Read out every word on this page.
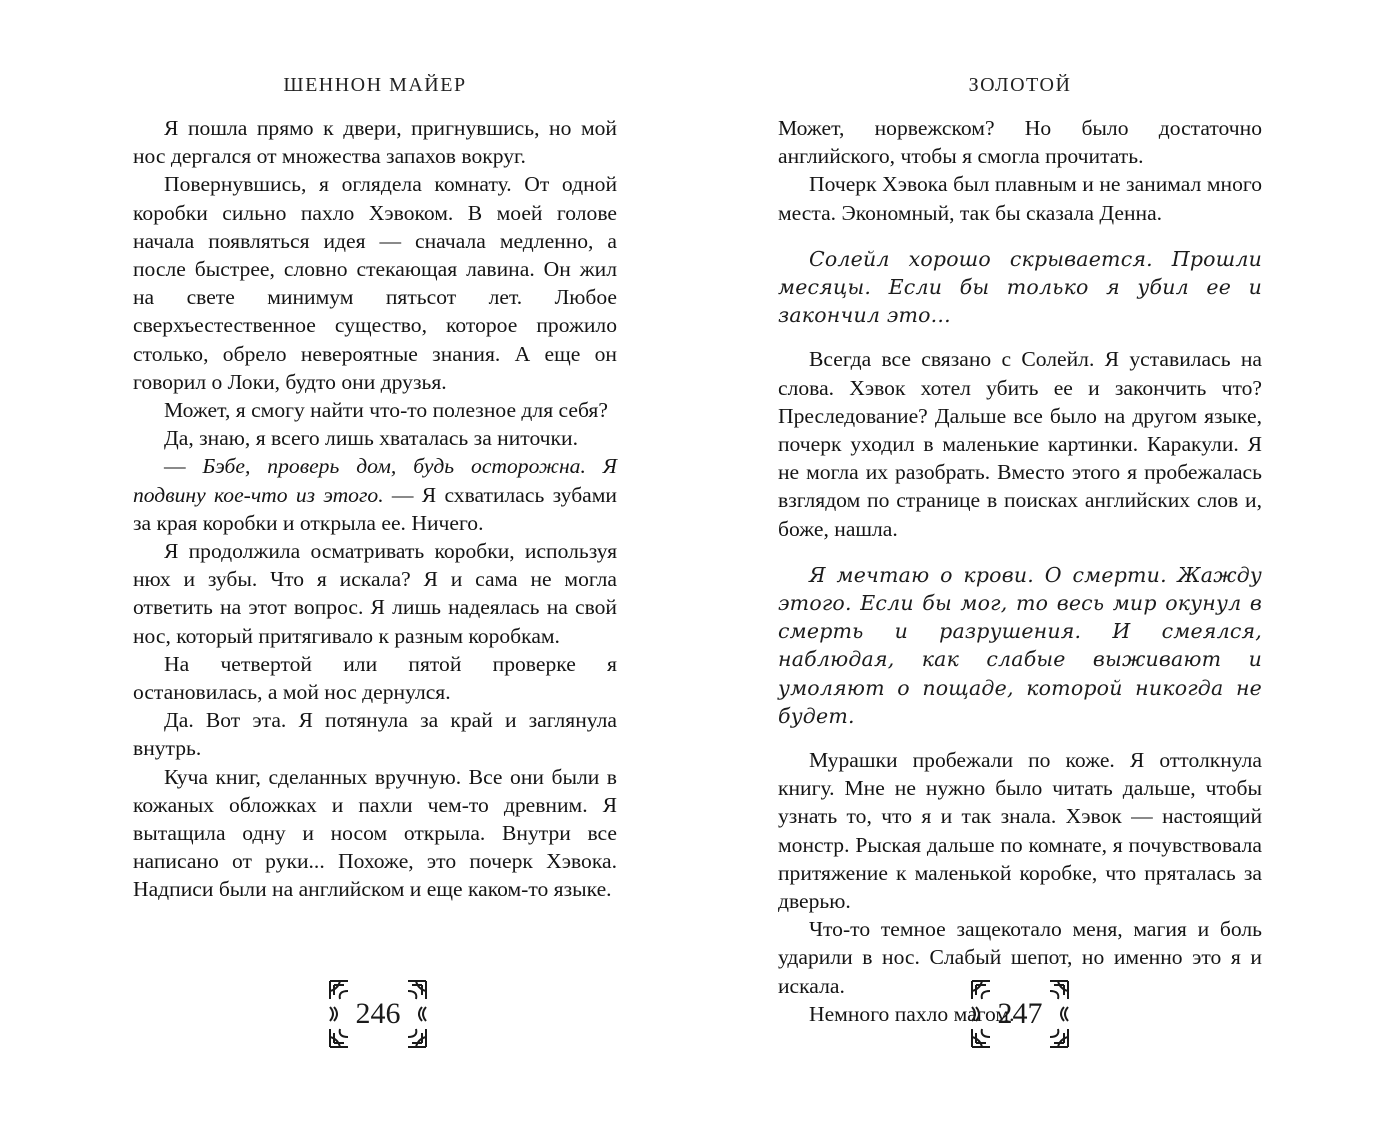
ШЕННОН МАЙЕР

Я пошла прямо к двери, пригнувшись, но мой нос дергался от множества запахов вокруг.

Повернувшись, я оглядела комнату. От одной коробки сильно пахло Хэвоком. В моей голове начала появляться идея — сначала медленно, а после быстрее, словно стекающая лавина. Он жил на свете минимум пятьсот лет. Любое сверхъестественное существо, которое прожило столько, обрело невероятные знания. А еще он говорил о Локи, будто они друзья.

Может, я смогу найти что-то полезное для себя?

Да, знаю, я всего лишь хваталась за ниточки.

— Бэбе, проверь дом, будь осторожна. Я подвину кое-что из этого. — Я схватилась зубами за края коробки и открыла ее. Ничего.

Я продолжила осматривать коробки, используя нюх и зубы. Что я искала? Я и сама не могла ответить на этот вопрос. Я лишь надеялась на свой нос, который притягивало к разным коробкам.

На четвертой или пятой проверке я остановилась, а мой нос дернулся.

Да. Вот эта. Я потянула за край и заглянула внутрь.

Куча книг, сделанных вручную. Все они были в кожаных обложках и пахли чем-то древним. Я вытащила одну и носом открыла. Внутри все написано от руки... Похоже, это почерк Хэвока. Надписи были на английском и еще каком-то языке.

246
ЗОЛОТОЙ

Может, норвежском? Но было достаточно английского, чтобы я смогла прочитать.

Почерк Хэвока был плавным и не занимал много места. Экономный, так бы сказала Денна.

Солейл хорошо скрывается. Прошли месяцы. Если бы только я убил ее и закончил это...

Всегда все связано с Солейл. Я уставилась на слова. Хэвок хотел убить ее и закончить что? Преследование? Дальше все было на другом языке, почерк уходил в маленькие картинки. Каракули. Я не могла их разобрать. Вместо этого я пробежалась взглядом по странице в поисках английских слов и, боже, нашла.

Я мечтаю о крови. О смерти. Жажду этого. Если бы мог, то весь мир окунул в смерть и разрушения. И смеялся, наблюдая, как слабые выживают и умоляют о пощаде, которой никогда не будет.

Мурашки пробежали по коже. Я оттолкнула книгу. Мне не нужно было читать дальше, чтобы узнать то, что я и так знала. Хэвок — настоящий монстр. Рыская дальше по комнате, я почувствовала притяжение к маленькой коробке, что пряталась за дверью.

Что-то темное защекотало меня, магия и боль ударили в нос. Слабый шепот, но именно это я и искала.

Немного пахло магом.

247
